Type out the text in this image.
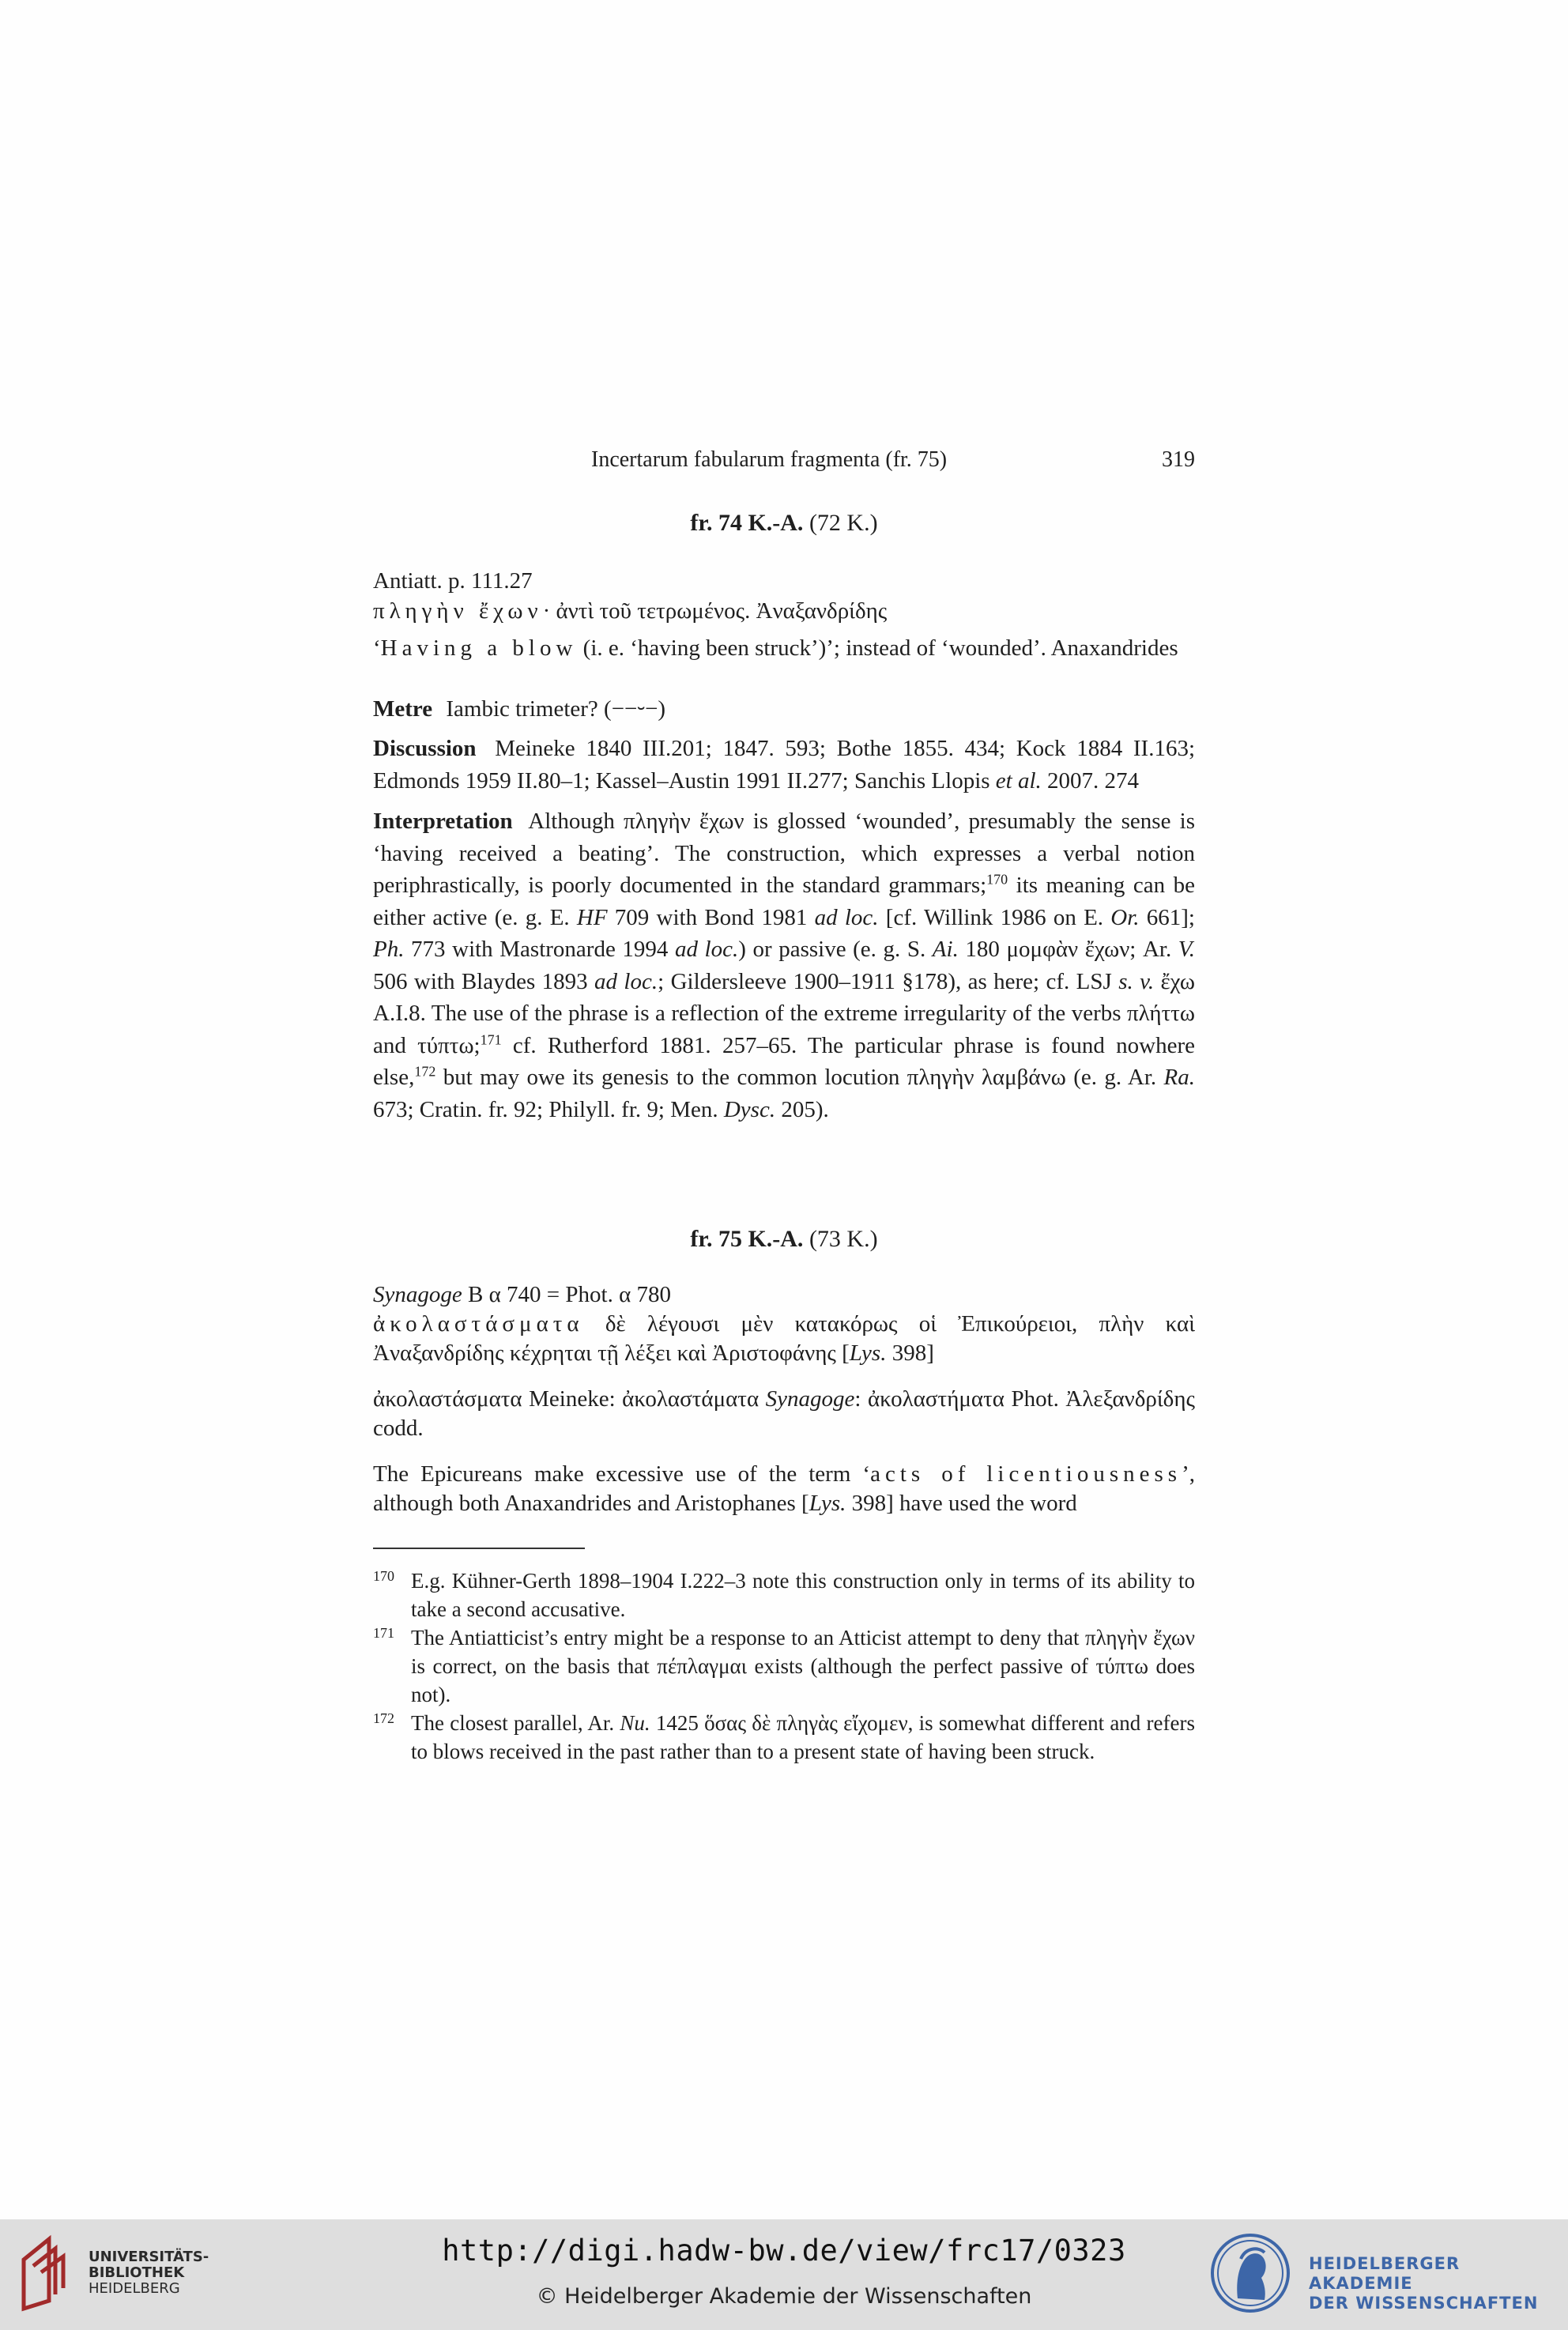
Incertarum fabularum fragmenta (fr. 75)	319
fr. 74 K.-A. (72 K.)

Antiatt. p. 111.27

πληγὴν ἔχων· ἀντὶ τοῦ τετρωμένος. Ἀναξανδρίδης

‘Having a blow (i. e. ‘having been struck’)’; instead of ‘wounded’. Anaxandrides

Metre Iambic trimeter? (−−⏑−)

Discussion Meineke 1840 III.201; 1847. 593; Bothe 1855. 434; Kock 1884 II.163; Edmonds 1959 II.80–1; Kassel–Austin 1991 II.277; Sanchis Llopis et al. 2007. 274

Interpretation Although πληγὴν ἔχων is glossed ‘wounded’, presumably the sense is ‘having received a beating’. The construction, which expresses a verbal notion periphrastically, is poorly documented in the standard grammars;$^{170}$ its meaning can be either active (e. g. E. HF 709 with Bond 1981 ad loc. [cf. Willink 1986 on E. Or. 661]; Ph. 773 with Mastronarde 1994 ad loc.) or passive (e. g. S. Ai. 180 μομφὰν ἔχων; Ar. V. 506 with Blaydes 1893 ad loc.; Gildersleeve 1900–1911 §178), as here; cf. LSJ s. v. ἔχω A.I.8. The use of the phrase is a reflection of the extreme irregularity of the verbs πλήττω and τύπτω;$^{171}$ cf. Rutherford 1881. 257–65. The particular phrase is found nowhere else,$^{172}$ but may owe its genesis to the common locution πληγὴν λαμβάνω (e. g. Ar. Ra. 673; Cratin. fr. 92; Philyll. fr. 9; Men. Dysc. 205).

fr. 75 K.-A. (73 K.)

Synagoge B α 740 = Phot. α 780

ἀκολαστάσματα δὲ λέγουσι μὲν κατακόρως οἱ Ἐπικούρειοι, πλὴν καὶ Ἀναξανδρίδης κέχρηται τῇ λέξει καὶ Ἀριστοφάνης [Lys. 398]

ἀκολαστάσματα Meineke: ἀκολαστάματα Synagoge: ἀκολαστήματα Phot. Ἀλεξανδρίδης codd.

The Epicureans make excessive use of the term ‘acts of licentiousness’, although both Anaxandrides and Aristophanes [Lys. 398] have used the word

170 E.g. Kühner-Gerth 1898–1904 I.222–3 note this construction only in terms of its ability to take a second accusative.
171 The Antiatticist’s entry might be a response to an Atticist attempt to deny that πληγὴν ἔχων is correct, on the basis that πέπλαγμαι exists (although the perfect passive of τύπτω does not).
172 The closest parallel, Ar. Nu. 1425 ὅσας δὲ πληγὰς εἴχομεν, is somewhat different and refers to blows received in the past rather than to a present state of having been struck.
UNIVERSITÄTS-
BIBLIOTHEK
HEIDELBERG
http://digi.hadw-bw.de/view/frc17/0323
© Heidelberger Akademie der Wissenschaften
HEIDELBERGER AKADEMIE
DER WISSENSCHAFTEN
